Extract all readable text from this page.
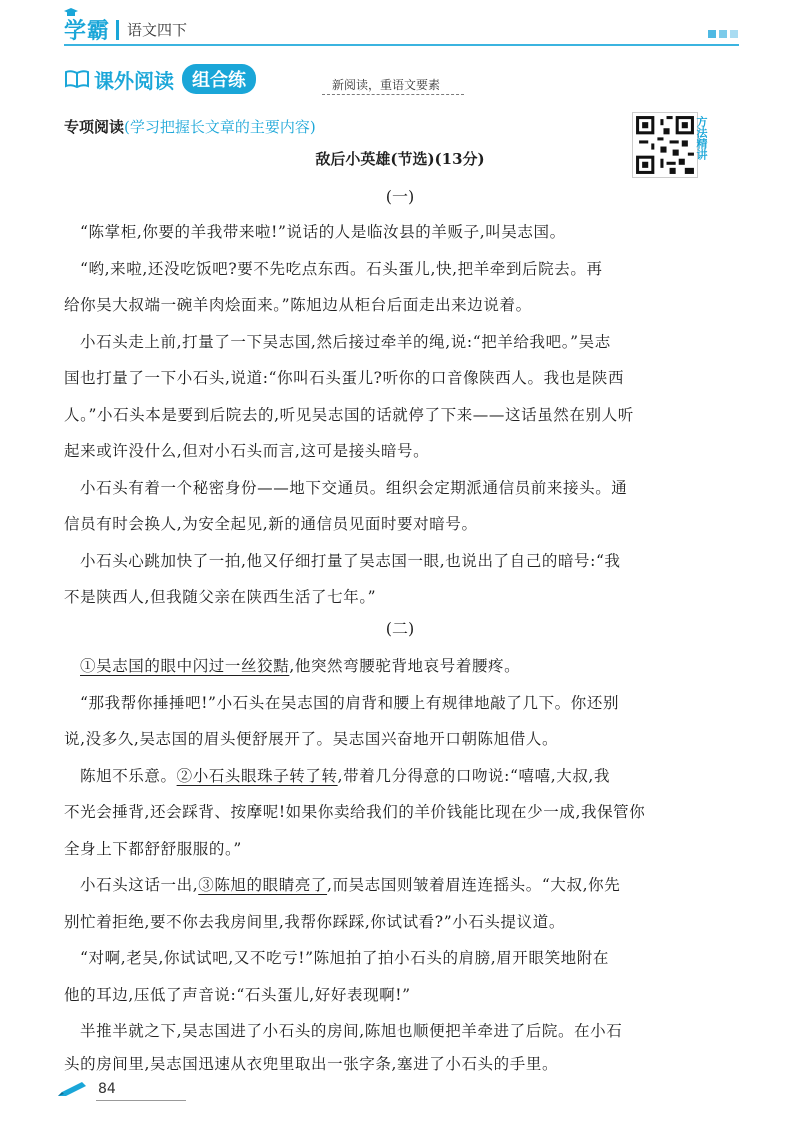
学霸 语文四下
课外阅读	组合练	新阅读，重语文要素
专项阅读(学习把握长文章的主要内容)	方法精讲
敌后小英雄(节选)(13分)
(一)
“陈掌柜,你要的羊我带来啦!”说话的人是临汝县的羊贩子,叫吴志国。
“哟,来啦,还没吃饭吧?要不先吃点东西。石头蛋儿,快,把羊牵到后院去。再
给你吴大叔端一碗羊肉烩面来。”陈旭边从柜台后面走出来边说着。
小石头走上前,打量了一下吴志国,然后接过牵羊的绳,说:“把羊给我吧。”吴志
国也打量了一下小石头,说道:“你叫石头蛋儿?听你的口音像陕西人。我也是陕西
人。”小石头本是要到后院去的,听见吴志国的话就停了下来——这话虽然在别人听
起来或许没什么,但对小石头而言,这可是接头暗号。
小石头有着一个秘密身份——地下交通员。组织会定期派通信员前来接头。通
信员有时会换人,为安全起见,新的通信员见面时要对暗号。
小石头心跳加快了一拍,他又仔细打量了吴志国一眼,也说出了自己的暗号:“我
不是陕西人,但我随父亲在陕西生活了七年。”
(二)
①吴志国的眼中闪过一丝狡黠,他突然弯腰驼背地哀号着腰疼。
“那我帮你捶捶吧!”小石头在吴志国的肩背和腰上有规律地敲了几下。你还别
说,没多久,吴志国的眉头便舒展开了。吴志国兴奋地开口朝陈旭借人。
陈旭不乐意。②小石头眼珠子转了转,带着几分得意的口吻说:“嘻嘻,大叔,我
不光会捶背,还会踩背、按摩呢!如果你卖给我们的羊价钱能比现在少一成,我保管你
全身上下都舒舒服服的。”
小石头这话一出,③陈旭的眼睛亮了,而吴志国则皱着眉连连摇头。“大叔,你先
别忙着拒绝,要不你去我房间里,我帮你踩踩,你试试看?”小石头提议道。
“对啊,老吴,你试试吧,又不吃亏!”陈旭拍了拍小石头的肩膀,眉开眼笑地附在
他的耳边,压低了声音说:“石头蛋儿,好好表现啊!”
半推半就之下,吴志国进了小石头的房间,陈旭也顺便把羊牵进了后院。在小石
头的房间里,吴志国迅速从衣兜里取出一张字条,塞进了小石头的手里。
84
